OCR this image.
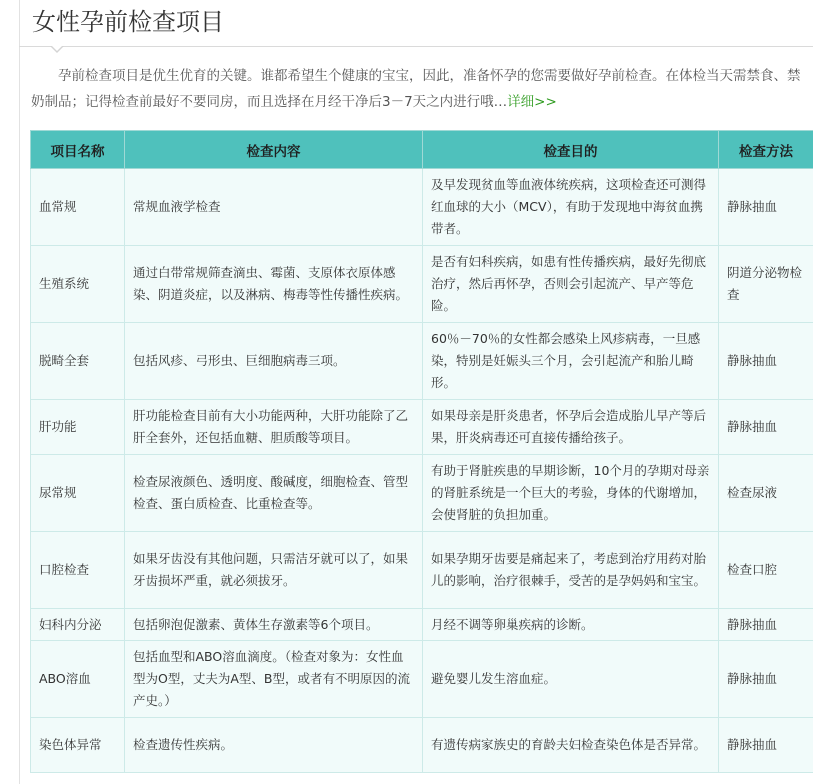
女性孕前检查项目

孕前检查项目是优生优育的关键。谁都希望生个健康的宝宝，因此，准备怀孕的您需要做好孕前检查。在体检当天需禁食、禁奶制品；记得检查前最好不要同房，而且选择在月经干净后3－7天之内进行哦…详细>>

项目名称	检查内容	检查目的	检查方法
血常规	常规血液学检查	及早发现贫血等血液体统疾病，这项检查还可测得红血球的大小（MCV），有助于发现地中海贫血携带者。	静脉抽血
生殖系统	通过白带常规筛查滴虫、霉菌、支原体衣原体感染、阴道炎症，以及淋病、梅毒等性传播性疾病。	是否有妇科疾病，如患有性传播疾病，最好先彻底治疗，然后再怀孕，否则会引起流产、早产等危险。	阴道分泌物检查
脱畸全套	包括风疹、弓形虫、巨细胞病毒三项。	60％－70％的女性都会感染上风疹病毒，一旦感染，特别是妊娠头三个月，会引起流产和胎儿畸形。	静脉抽血
肝功能	肝功能检查目前有大小功能两种，大肝功能除了乙肝全套外，还包括血糖、胆质酸等项目。	如果母亲是肝炎患者，怀孕后会造成胎儿早产等后果，肝炎病毒还可直接传播给孩子。	静脉抽血
尿常规	检查尿液颜色、透明度、酸碱度，细胞检查、管型检查、蛋白质检查、比重检查等。	有助于肾脏疾患的早期诊断，10个月的孕期对母亲的肾脏系统是一个巨大的考验，身体的代谢增加，会使肾脏的负担加重。	检查尿液
口腔检查	如果牙齿没有其他问题，只需洁牙就可以了，如果牙齿损坏严重，就必须拔牙。	如果孕期牙齿要是痛起来了，考虑到治疗用药对胎儿的影响，治疗很棘手，受苦的是孕妈妈和宝宝。	检查口腔
妇科内分泌	包括卵泡促激素、黄体生存激素等6个项目。	月经不调等卵巢疾病的诊断。	静脉抽血
ABO溶血	包括血型和ABO溶血滴度。（检查对象为：女性血型为O型，丈夫为A型、B型，或者有不明原因的流产史。）	避免婴儿发生溶血症。	静脉抽血
染色体异常	检查遗传性疾病。	有遗传病家族史的育龄夫妇检查染色体是否异常。	静脉抽血
